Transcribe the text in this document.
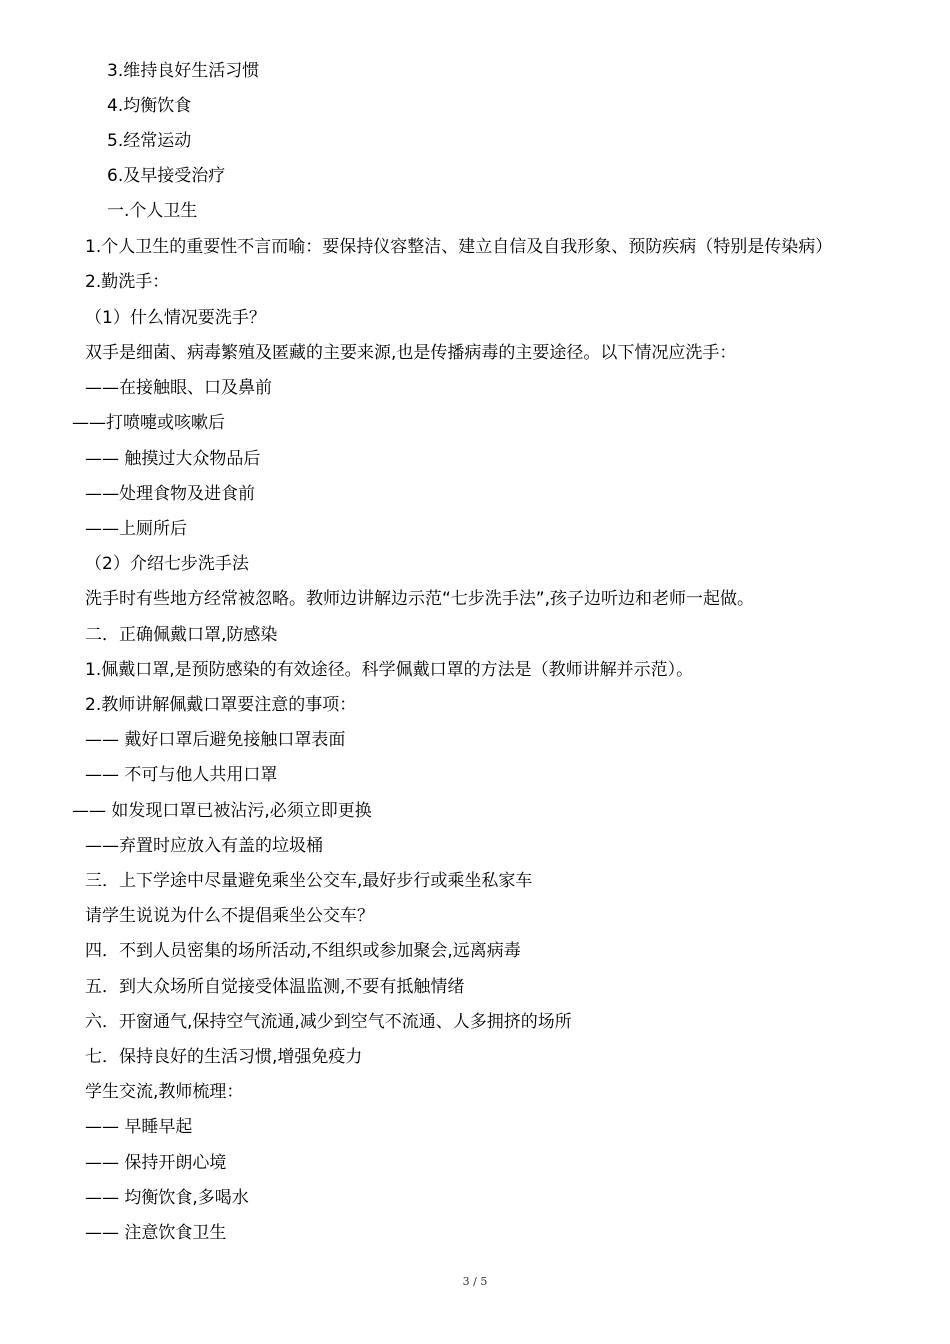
3.维持良好生活习惯
4.均衡饮食
5.经常运动
6.及早接受治疗
一.个人卫生
1.个人卫生的重要性不言而喻：要保持仪容整洁、建立自信及自我形象、预防疾病（特别是传染病）
2.勤洗手：
（1）什么情况要洗手？
双手是细菌、病毒繁殖及匿藏的主要来源,也是传播病毒的主要途径。以下情况应洗手：
——在接触眼、口及鼻前
——打喷嚏或咳嗽后
—— 触摸过大众物品后
——处理食物及进食前
——上厕所后
（2）介绍七步洗手法
洗手时有些地方经常被忽略。教师边讲解边示范“七步洗手法”,孩子边听边和老师一起做。
二．正确佩戴口罩,防感染
1.佩戴口罩,是预防感染的有效途径。科学佩戴口罩的方法是（教师讲解并示范）。
2.教师讲解佩戴口罩要注意的事项：
—— 戴好口罩后避免接触口罩表面
—— 不可与他人共用口罩
—— 如发现口罩已被沾污,必须立即更换
——弃置时应放入有盖的垃圾桶
三．上下学途中尽量避免乘坐公交车,最好步行或乘坐私家车
请学生说说为什么不提倡乘坐公交车？
四．不到人员密集的场所活动,不组织或参加聚会,远离病毒
五．到大众场所自觉接受体温监测,不要有抵触情绪
六．开窗通气,保持空气流通,减少到空气不流通、人多拥挤的场所
七．保持良好的生活习惯,增强免疫力
学生交流,教师梳理：
—— 早睡早起
—— 保持开朗心境
—— 均衡饮食,多喝水
—— 注意饮食卫生
3 / 5
